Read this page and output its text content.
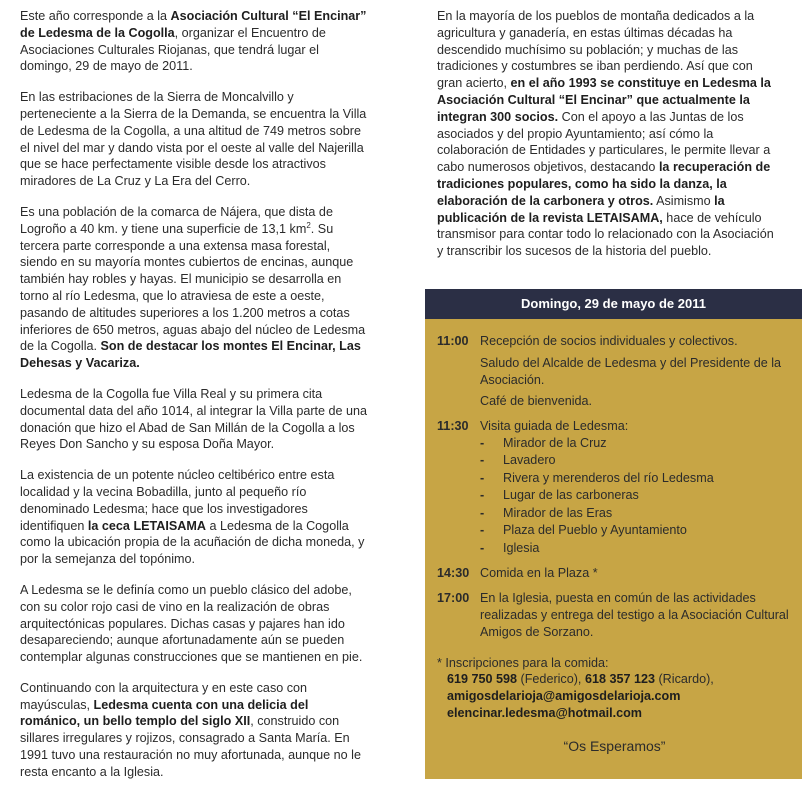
Este año corresponde a la Asociación Cultural “El Encinar” de Ledesma de la Cogolla, organizar el Encuentro de Asociaciones Culturales Riojanas, que tendrá lugar el domingo, 29 de mayo de 2011.

En las estribaciones de la Sierra de Moncalvillo y perteneciente a la Sierra de la Demanda, se encuentra la Villa de Ledesma de la Cogolla, a una altitud de 749 metros sobre el nivel del mar y dando vista por el oeste al valle del Najerilla que se hace perfectamente visible desde los atractivos miradores de La Cruz y La Era del Cerro.

Es una población de la comarca de Nájera, que dista de Logroño a 40 km. y tiene una superficie de 13,1 $km^2$. Su tercera parte corresponde a una extensa masa forestal, siendo en su mayoría montes cubiertos de encinas, aunque también hay robles y hayas. El municipio se desarrolla en torno al río Ledesma, que lo atraviesa de este a oeste, pasando de altitudes superiores a los 1.200 metros a cotas inferiores de 650 metros, aguas abajo del núcleo de Ledesma de la Cogolla. Son de destacar los montes El Encinar, Las Dehesas y Vacariza.

Ledesma de la Cogolla fue Villa Real y su primera cita documental data del año 1014, al integrar la Villa parte de una donación que hizo el Abad de San Millán de la Cogolla a los Reyes Don Sancho y su esposa Doña Mayor.

La existencia de un potente núcleo celtibérico entre esta localidad y la vecina Bobadilla, junto al pequeño río denominado Ledesma; hace que los investigadores identifiquen la ceca LETAISAMA a Ledesma de la Cogolla como la ubicación propia de la acuñación de dicha moneda, y por la semejanza del topónimo.

A Ledesma se le definía como un pueblo clásico del adobe, con su color rojo casi de vino en la realización de obras arquitectónicas populares. Dichas casas y pajares han ido desapareciendo; aunque afortunadamente aún se pueden contemplar algunas construcciones que se mantienen en pie.

Continuando con la arquitectura y en este caso con mayúsculas, Ledesma cuenta con una delicia del románico, un bello templo del siglo XII, construido con sillares irregulares y rojizos, consagrado a Santa María. En 1991 tuvo una restauración no muy afortunada, aunque no le resta encanto a la Iglesia.

En la mayoría de los pueblos de montaña dedicados a la agricultura y ganadería, en estas últimas décadas ha descendido muchísimo su población; y muchas de las tradiciones y costumbres se iban perdiendo. Así que con gran acierto, en el año 1993 se constituye en Ledesma la Asociación Cultural “El Encinar” que actualmente la integran 300 socios. Con el apoyo a las Juntas de los asociados y del propio Ayuntamiento; así cómo la colaboración de Entidades y particulares, le permite llevar a cabo numerosos objetivos, destacando la recuperación de tradiciones populares, como ha sido la danza, la elaboración de la carbonera y otros. Asimismo la publicación de la revista LETAISAMA, hace de vehículo transmisor para contar todo lo relacionado con la Asociación y transcribir los sucesos de la historia del pueblo.

Domingo, 29 de mayo de 2011
11:00 Recepción de socios individuales y colectivos.
Saludo del Alcalde de Ledesma y del Presidente de la Asociación.
Café de bienvenida.
11:30 Visita guiada de Ledesma:
-	Mirador de la Cruz
-	Lavadero
-	Rivera y merenderos del río Ledesma
-	Lugar de las carboneras
-	Mirador de las Eras
-	Plaza del Pueblo y Ayuntamiento
-	Iglesia
14:30 Comida en la Plaza *
17:00 En la Iglesia, puesta en común de las actividades realizadas y entrega del testigo a la Asociación Cultural Amigos de Sorzano.
* Inscripciones para la comida:
619 750 598 (Federico), 618 357 123 (Ricardo),
amigosdelarioja@amigosdelarioja.com
elencinar.ledesma@hotmail.com
“Os Esperamos”
